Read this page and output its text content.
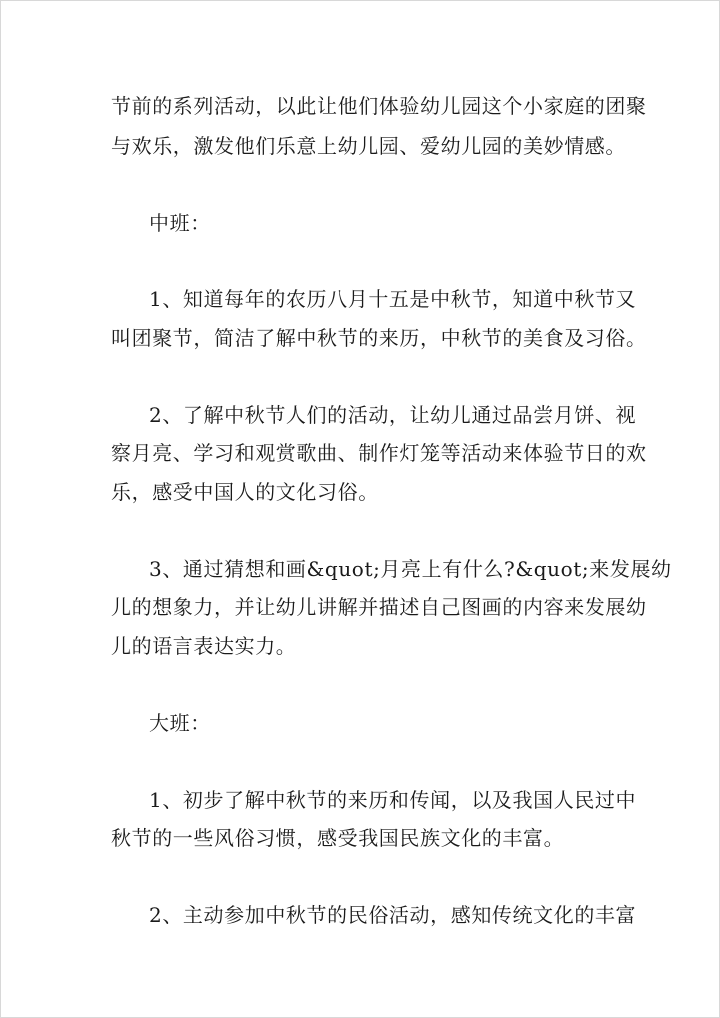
节前的系列活动，以此让他们体验幼儿园这个小家庭的团聚
与欢乐，激发他们乐意上幼儿园、爱幼儿园的美妙情感。
中班：
1、知道每年的农历八月十五是中秋节，知道中秋节又
叫团聚节，简洁了解中秋节的来历，中秋节的美食及习俗。
2、了解中秋节人们的活动，让幼儿通过品尝月饼、视
察月亮、学习和观赏歌曲、制作灯笼等活动来体验节日的欢
乐，感受中国人的文化习俗。
3、通过猜想和画&quot;月亮上有什么?&quot;来发展幼
儿的想象力，并让幼儿讲解并描述自己图画的内容来发展幼
儿的语言表达实力。
大班：
1、初步了解中秋节的来历和传闻，以及我国人民过中
秋节的一些风俗习惯，感受我国民族文化的丰富。
2、主动参加中秋节的民俗活动，感知传统文化的丰富
